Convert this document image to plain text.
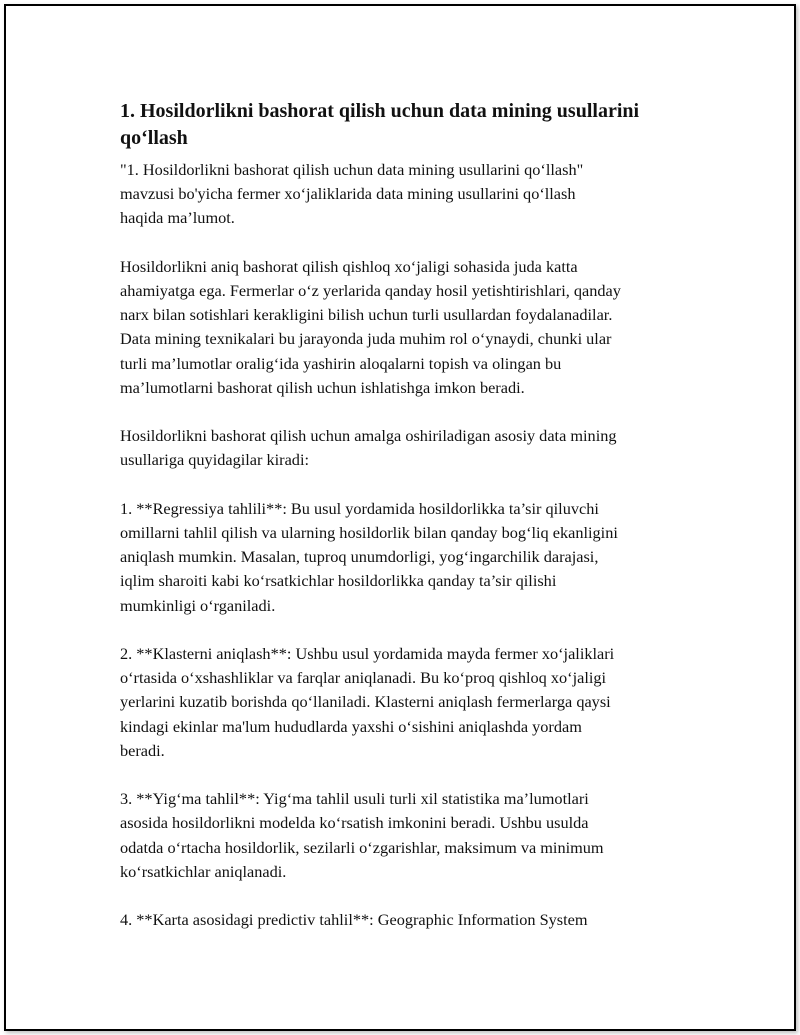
1. Hosildorlikni bashorat qilish uchun data mining usullarini
qo‘llash

"1. Hosildorlikni bashorat qilish uchun data mining usullarini qo‘llash"
mavzusi bo'yicha fermer xo‘jaliklarida data mining usullarini qo‘llash
haqida ma’lumot.

Hosildorlikni aniq bashorat qilish qishloq xo‘jaligi sohasida juda katta
ahamiyatga ega. Fermerlar o‘z yerlarida qanday hosil yetishtirishlari, qanday
narx bilan sotishlari kerakligini bilish uchun turli usullardan foydalanadilar.
Data mining texnikalari bu jarayonda juda muhim rol o‘ynaydi, chunki ular
turli ma’lumotlar oralig‘ida yashirin aloqalarni topish va olingan bu
ma’lumotlarni bashorat qilish uchun ishlatishga imkon beradi.

Hosildorlikni bashorat qilish uchun amalga oshiriladigan asosiy data mining
usullariga quyidagilar kiradi:

1. **Regressiya tahlili**: Bu usul yordamida hosildorlikka ta’sir qiluvchi
omillarni tahlil qilish va ularning hosildorlik bilan qanday bog‘liq ekanligini
aniqlash mumkin. Masalan, tuproq unumdorligi, yog‘ingarchilik darajasi,
iqlim sharoiti kabi ko‘rsatkichlar hosildorlikka qanday ta’sir qilishi
mumkinligi o‘rganiladi.

2. **Klasterni aniqlash**: Ushbu usul yordamida mayda fermer xo‘jaliklari
o‘rtasida o‘xshashliklar va farqlar aniqlanadi. Bu ko‘proq qishloq xo‘jaligi
yerlarini kuzatib borishda qo‘llaniladi. Klasterni aniqlash fermerlarga qaysi
kindagi ekinlar ma'lum hududlarda yaxshi o‘sishini aniqlashda yordam
beradi.

3. **Yig‘ma tahlil**: Yig‘ma tahlil usuli turli xil statistika ma’lumotlari
asosida hosildorlikni modelda ko‘rsatish imkonini beradi. Ushbu usulda
odatda o‘rtacha hosildorlik, sezilarli o‘zgarishlar, maksimum va minimum
ko‘rsatkichlar aniqlanadi.

4. **Karta asosidagi predictiv tahlil**: Geographic Information System
